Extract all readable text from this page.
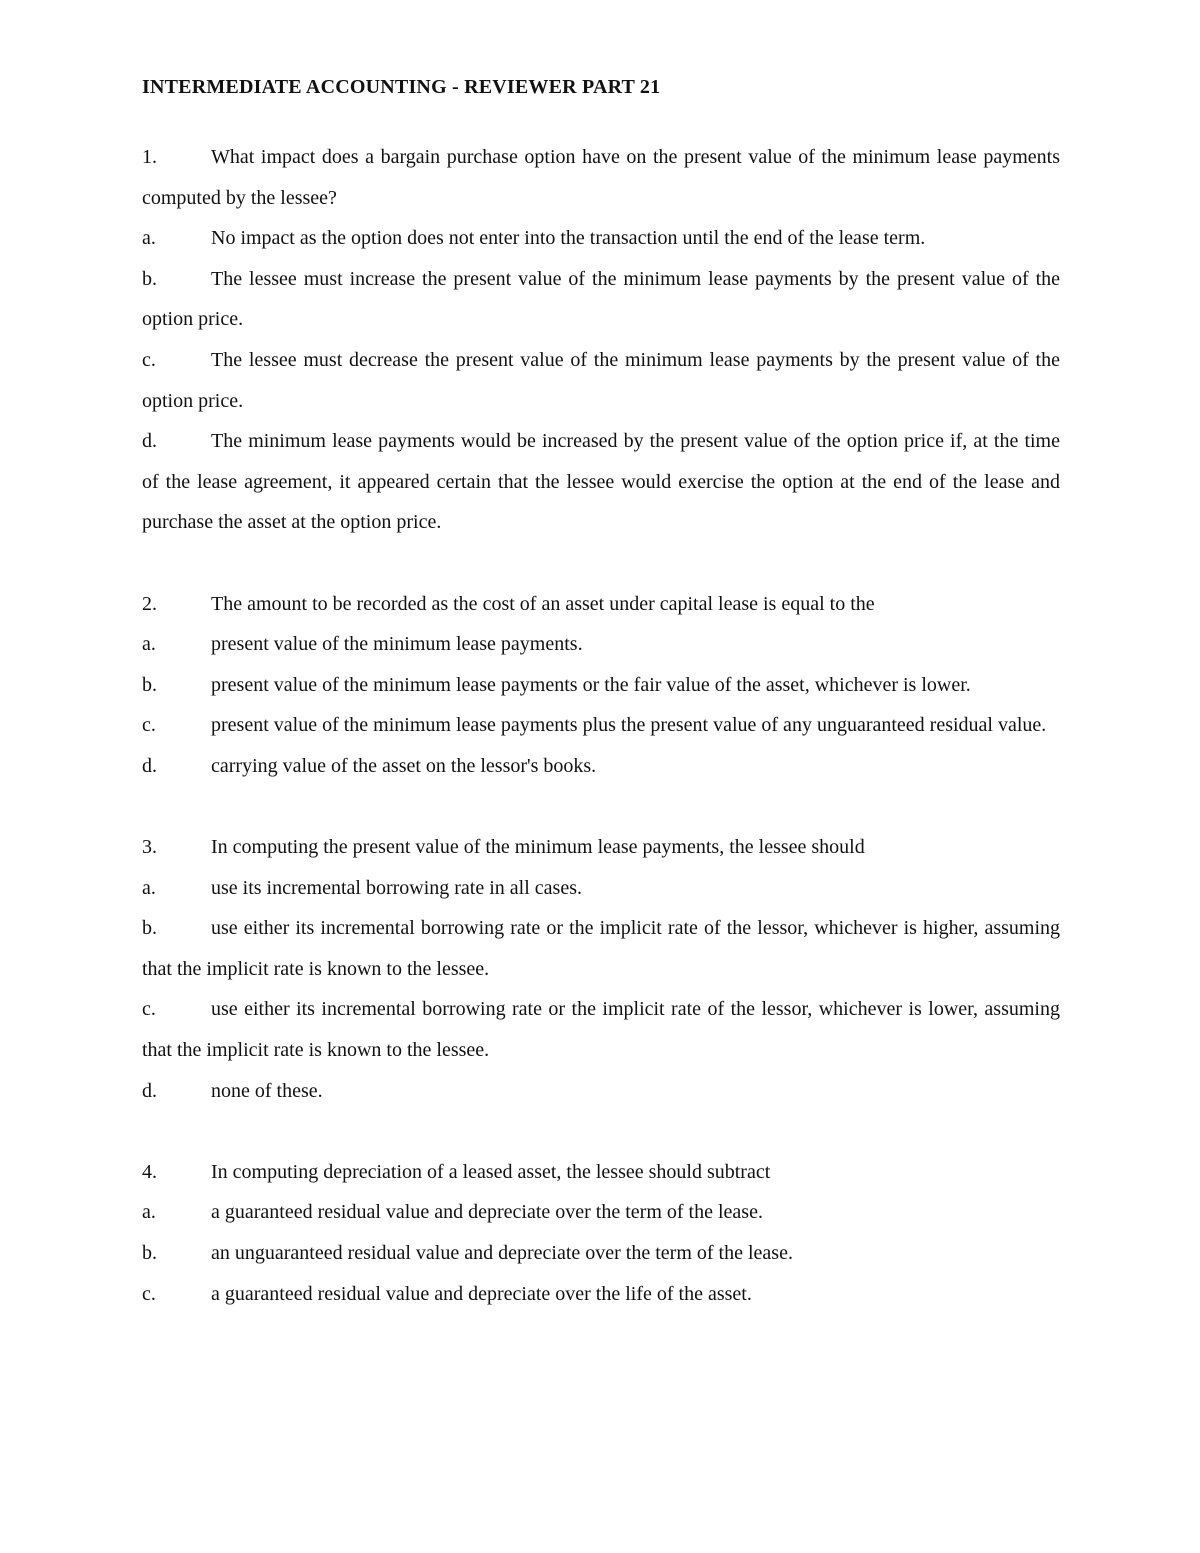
INTERMEDIATE ACCOUNTING - REVIEWER PART 21

1.	What impact does a bargain purchase option have on the present value of the minimum lease payments computed by the lessee?

a.	No impact as the option does not enter into the transaction until the end of the lease term.

b.	The lessee must increase the present value of the minimum lease payments by the present value of the option price.

c.	The lessee must decrease the present value of the minimum lease payments by the present value of the option price.

d.	The minimum lease payments would be increased by the present value of the option price if, at the time of the lease agreement, it appeared certain that the lessee would exercise the option at the end of the lease and purchase the asset at the option price.

2.	The amount to be recorded as the cost of an asset under capital lease is equal to the

a.	present value of the minimum lease payments.

b.	present value of the minimum lease payments or the fair value of the asset, whichever is lower.

c.	present value of the minimum lease payments plus the present value of any unguaranteed residual value.

d.	carrying value of the asset on the lessor's books.

3.	In computing the present value of the minimum lease payments, the lessee should

a.	use its incremental borrowing rate in all cases.

b.	use either its incremental borrowing rate or the implicit rate of the lessor, whichever is higher, assuming that the implicit rate is known to the lessee.

c.	use either its incremental borrowing rate or the implicit rate of the lessor, whichever is lower, assuming that the implicit rate is known to the lessee.

d.	none of these.

4.	In computing depreciation of a leased asset, the lessee should subtract

a.	a guaranteed residual value and depreciate over the term of the lease.

b.	an unguaranteed residual value and depreciate over the term of the lease.

c.	a guaranteed residual value and depreciate over the life of the asset.
